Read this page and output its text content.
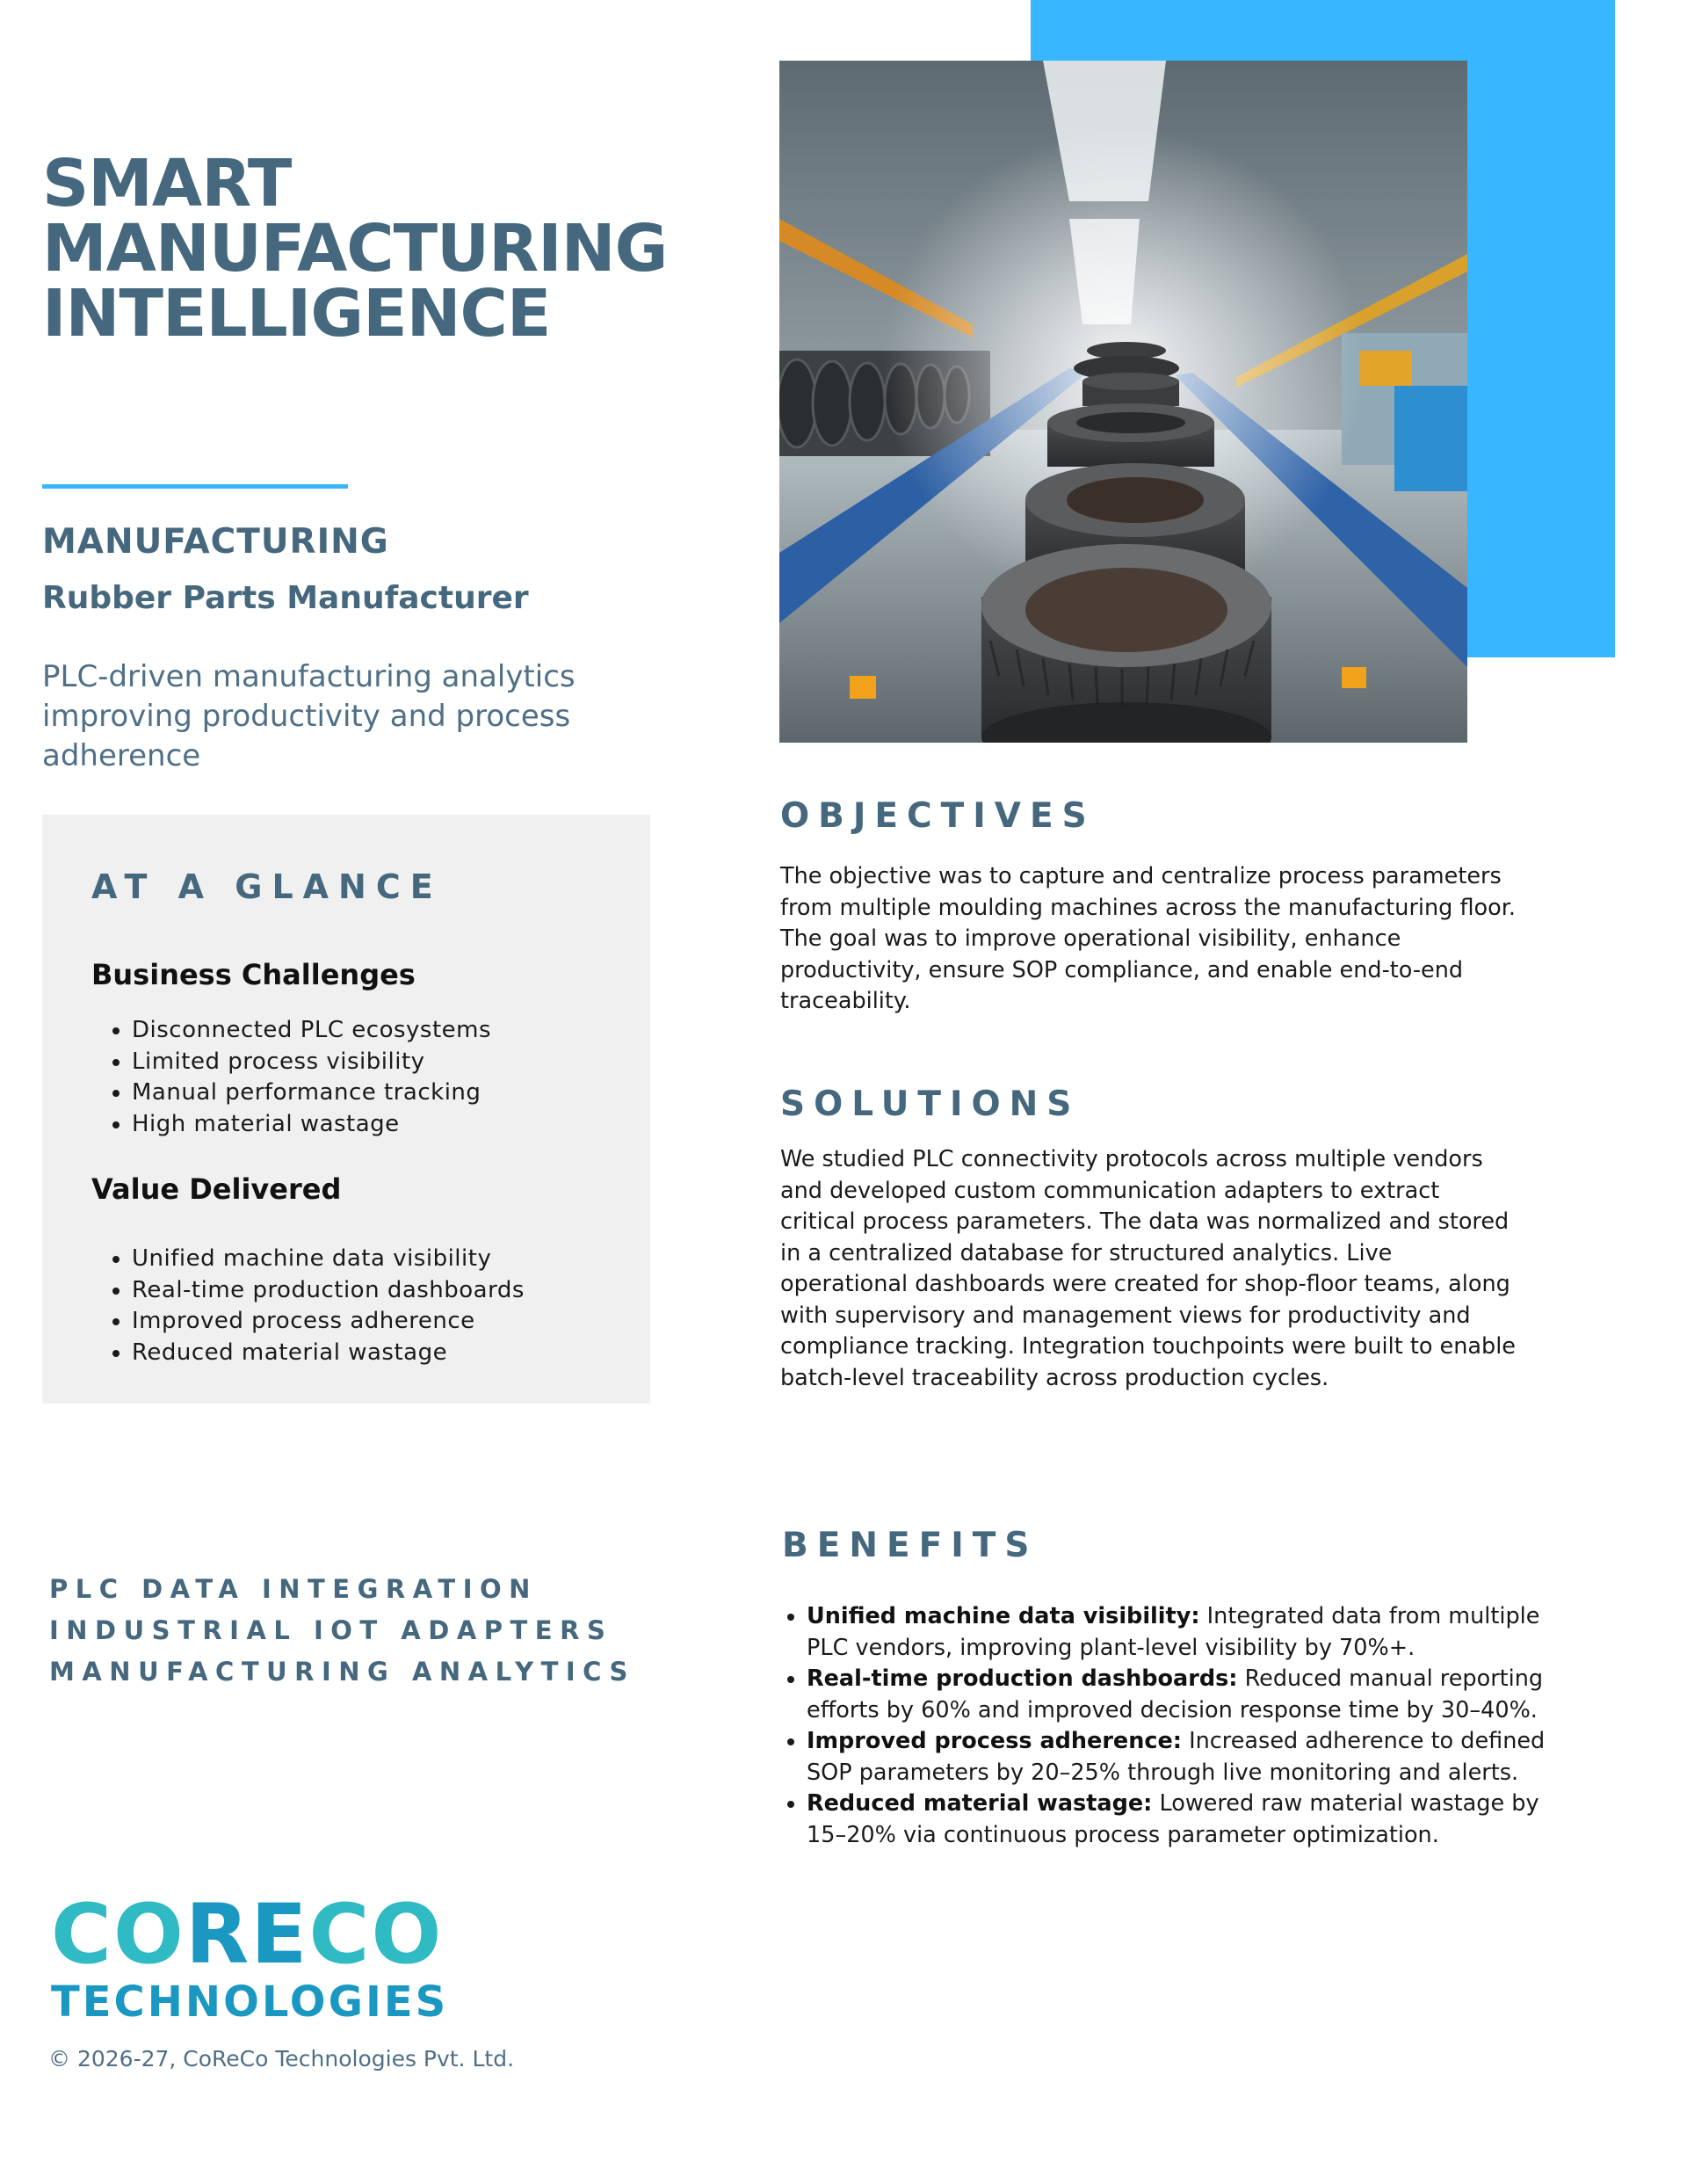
SMART
MANUFACTURING
INTELLIGENCE
MANUFACTURING
Rubber Parts Manufacturer

PLC-driven manufacturing analytics improving productivity and process adherence

AT A GLANCE
Business Challenges
• Disconnected PLC ecosystems
• Limited process visibility
• Manual performance tracking
• High material wastage
Value Delivered
• Unified machine data visibility
• Real-time production dashboards
• Improved process adherence
• Reduced material wastage
PLC DATA INTEGRATION
INDUSTRIAL IOT ADAPTERS
MANUFACTURING ANALYTICS
CORECO
TECHNOLOGIES

© 2026-27, CoReCo Technologies Pvt. Ltd.

OBJECTIVES

The objective was to capture and centralize process parameters from multiple moulding machines across the manufacturing floor. The goal was to improve operational visibility, enhance productivity, ensure SOP compliance, and enable end-to-end traceability.

SOLUTIONS

We studied PLC connectivity protocols across multiple vendors and developed custom communication adapters to extract critical process parameters. The data was normalized and stored in a centralized database for structured analytics. Live operational dashboards were created for shop-floor teams, along with supervisory and management views for productivity and compliance tracking. Integration touchpoints were built to enable batch-level traceability across production cycles.

BENEFITS
• Unified machine data visibility: Integrated data from multiple PLC vendors, improving plant-level visibility by 70%+.
• Real-time production dashboards: Reduced manual reporting efforts by 60% and improved decision response time by 30–40%.
• Improved process adherence: Increased adherence to defined SOP parameters by 20–25% through live monitoring and alerts.
• Reduced material wastage: Lowered raw material wastage by 15–20% via continuous process parameter optimization.
